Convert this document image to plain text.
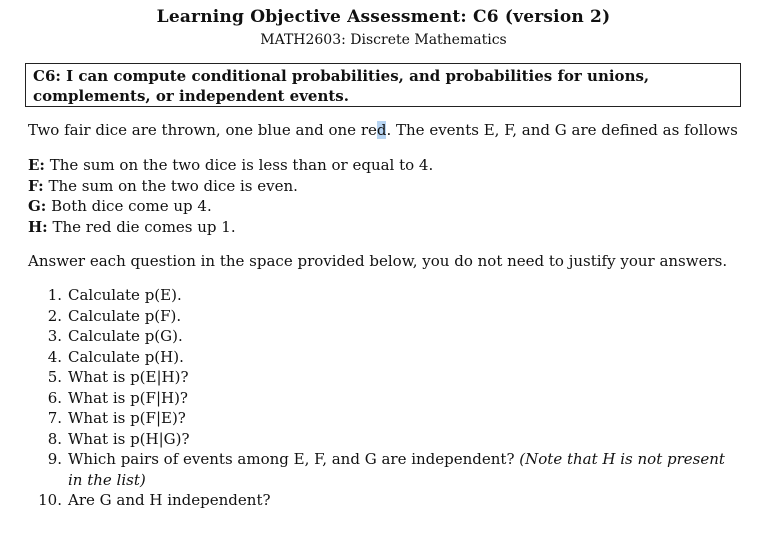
Learning Objective Assessment: C6 (version 2)
MATH2603: Discrete Mathematics
C6: I can compute conditional probabilities, and probabilities for unions, complements, or independent events.
Two fair dice are thrown, one blue and one red. The events E, F, and G are defined as follows
E: The sum on the two dice is less than or equal to 4.
F: The sum on the two dice is even.
G: Both dice come up 4.
H: The red die comes up 1.
Answer each question in the space provided below, you do not need to justify your answers.
1. Calculate p(E).
2. Calculate p(F).
3. Calculate p(G).
4. Calculate p(H).
5. What is p(E|H)?
6. What is p(F|H)?
7. What is p(F|E)?
8. What is p(H|G)?
9. Which pairs of events among E, F, and G are independent? (Note that H is not present in the list)
10. Are G and H independent?
